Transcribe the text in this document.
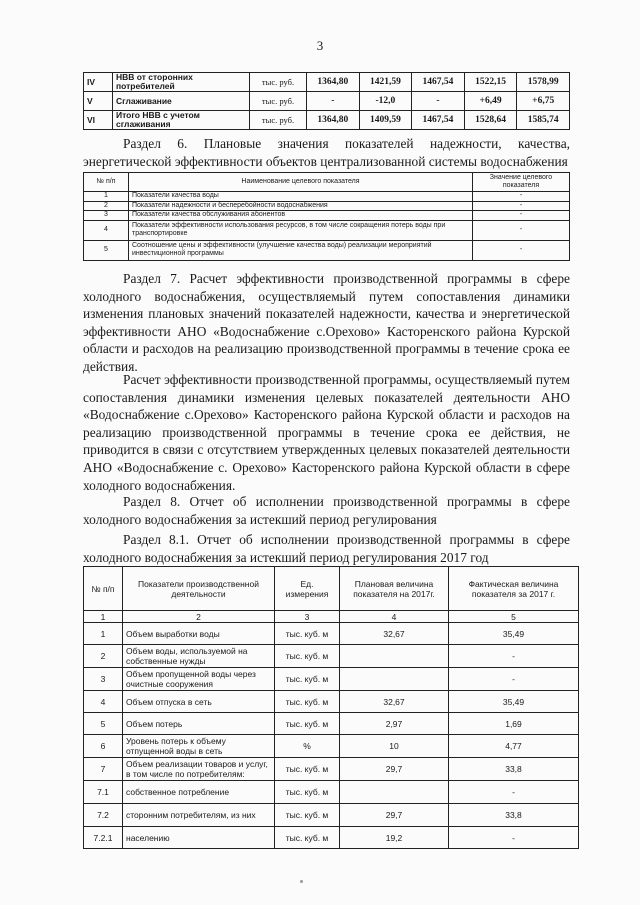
3
IV	НВВ от сторонних потребителей	тыс. руб.	1364,80	1421,59	1467,54	1522,15	1578,99
V	Сглаживание	тыс. руб.	-	-12,0	-	+6,49	+6,75
VI	Итого НВВ с учетом сглаживания	тыс. руб.	1364,80	1409,59	1467,54	1528,64	1585,74
Раздел 6. Плановые значения показателей надежности, качества, энергетической эффективности объектов централизованной системы водоснабжения
№ п/п	Наименование целевого показателя	Значение целевого показателя
1	Показатели качества воды	-
2	Показатели надежности и бесперебойности водоснабжения	-
3	Показатели качества обслуживания абонентов	-
4	Показатели эффективности использования ресурсов, в том числе сокращения потерь воды при транспортировке	-
5	Соотношение цены и эффективности (улучшение качества воды) реализации мероприятий инвестиционной программы	-
Раздел 7. Расчет эффективности производственной программы в сфере холодного водоснабжения, осуществляемый путем сопоставления динамики изменения плановых значений показателей надежности, качества и энергетической эффективности АНО «Водоснабжение с.Орехово» Касторенского района Курской области и расходов на реализацию производственной программы в течение срока ее действия.
Расчет эффективности производственной программы, осуществляемый путем сопоставления динамики изменения целевых показателей деятельности АНО «Водоснабжение с.Орехово» Касторенского района Курской области и расходов на реализацию производственной программы в течение срока ее действия, не приводится в связи с отсутствием утвержденных целевых показателей деятельности АНО «Водоснабжение с. Орехово» Касторенского района Курской области в сфере холодного водоснабжения.
Раздел 8. Отчет об исполнении производственной программы в сфере холодного водоснабжения за истекший период регулирования
Раздел 8.1. Отчет об исполнении производственной программы в сфере холодного водоснабжения за истекший период регулирования 2017 год
№ п/п	Показатели производственной деятельности	Ед. измерения	Плановая величина показателя на 2017г.	Фактическая величина показателя за 2017 г.
1	2	3	4	5
1	Объем выработки воды	тыс. куб. м	32,67	35,49
2	Объем воды, используемой на собственные нужды	тыс. куб. м		-
3	Объем пропущенной воды через очистные сооружения	тыс. куб. м		-
4	Объем отпуска в сеть	тыс. куб. м	32,67	35,49
5	Объем потерь	тыс. куб. м	2,97	1,69
6	Уровень потерь к объему отпущенной воды в сеть	%	10	4,77
7	Объем реализации товаров и услуг, в том числе по потребителям:	тыс. куб. м	29,7	33,8
7.1	собственное потребление	тыс. куб. м		-
7.2	сторонним потребителям, из них	тыс. куб. м	29,7	33,8
7.2.1	населению	тыс. куб. м	19,2	-
